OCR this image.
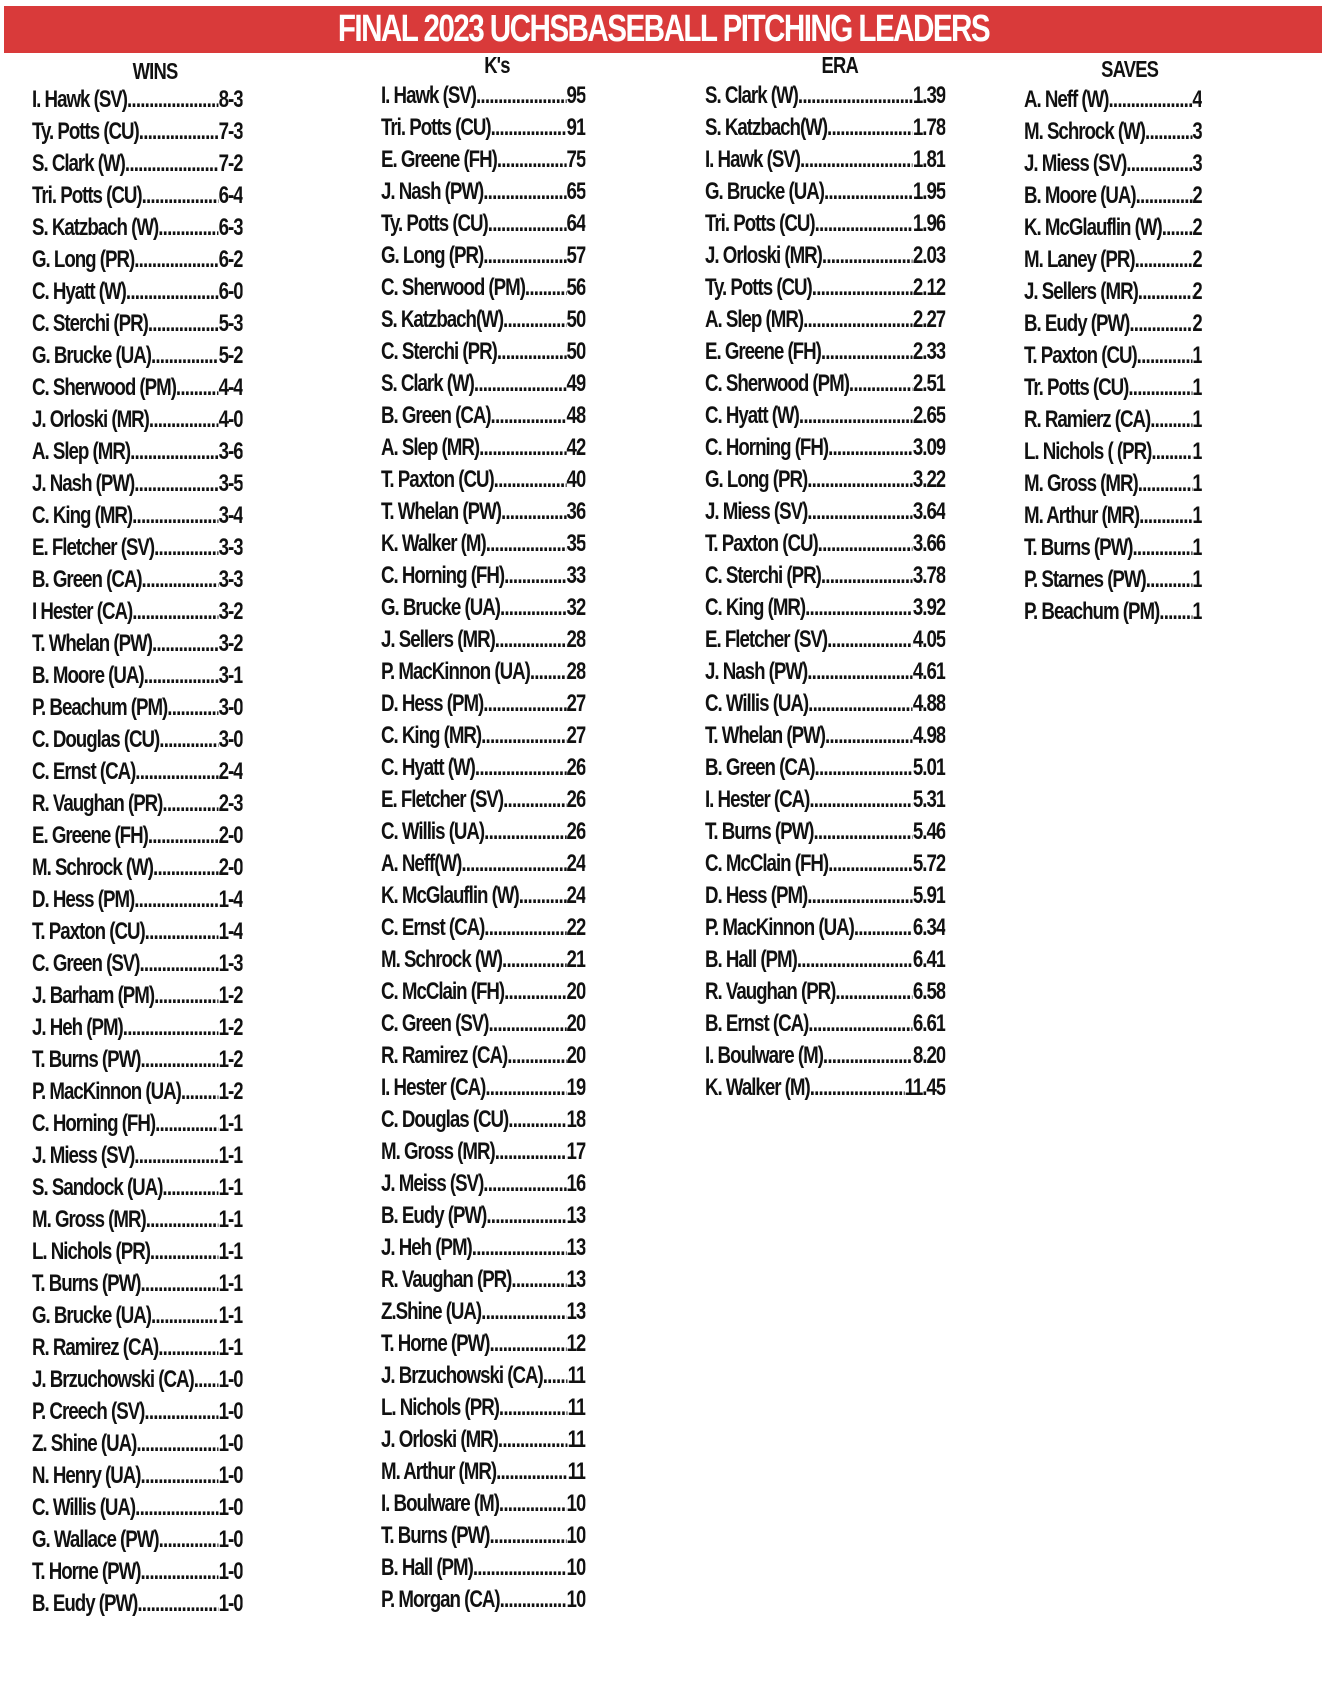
FINAL 2023 UCHSBASEBALL PITCHING LEADERS
WINS
I. Hawk (SV) .....	8-3
Ty. Potts (CU) .....	7-3
S. Clark (W) .....	7-2
Tri. Potts (CU) .....	6-4
S. Katzbach (W) .....	6-3
G. Long (PR) .....	6-2
C. Hyatt (W) .....	6-0
C. Sterchi (PR) .....	5-3
G. Brucke (UA) .....	5-2
C. Sherwood (PM) ..... 4-4
J. Orloski (MR) .....	4-0
A. Slep (MR) .....	3-6
J. Nash (PW) .....	3-5
C. King (MR) .....	3-4
E. Fletcher (SV) .....	3-3
B. Green (CA) .....	3-3
I Hester (CA) .....	3-2
T. Whelan (PW) .....	3-2
B. Moore (UA) .....	3-1
P. Beachum (PM) ..... 3-0
C. Douglas (CU) ..... 3-0
C. Ernst (CA) .....	2-4
R. Vaughan (PR) ..... 2-3
E. Greene (FH) .....	2-0
M. Schrock (W) .....	2-0
D. Hess (PM) .....	1-4
T. Paxton (CU) .....	1-4
C. Green (SV) .....	1-3
J. Barham (PM) .....	1-2
J. Heh (PM) .....	1-2
T. Burns (PW) .....	1-2
P. MacKinnon (UA) ..... 1-2
C. Horning (FH) .....	1-1
J. Miess (SV) .....	1-1
S. Sandock (UA) ..... 1-1
M. Gross (MR) .....	1-1
L. Nichols (PR) .....	1-1
T. Burns (PW) .....	1-1
G. Brucke (UA) .....	1-1
R. Ramirez (CA) .....	1-1
J. Brzuchowski (CA) ..... 1-0
P. Creech (SV) .....	1-0
Z. Shine (UA) .....	1-0
N. Henry (UA) .....	1-0
C. Willis (UA) .....	1-0
G. Wallace (PW) ..... 1-0
T. Horne (PW) .....	1-0
B. Eudy (PW) .....	1-0
K's
I. Hawk (SV) .....	95
Tri. Potts (CU) .....	91
E. Greene (FH) .....	75
J. Nash (PW) .....	65
Ty. Potts (CU) .....	64
G. Long (PR) .....	57
C. Sherwood (PM) ..... 56
S. Katzbach(W) .....	50
C. Sterchi (PR) .....	50
S. Clark (W) .....	49
B. Green (CA) .....	48
A. Slep (MR) .....	42
T. Paxton (CU) .....	40
T. Whelan (PW) .....	36
K. Walker (M) .....	35
C. Horning (FH) .....	33
G. Brucke (UA) .....	32
J. Sellers (MR) .....	28
P. MacKinnon (UA) ..... 28
D. Hess (PM) .....	27
C. King (MR) .....	27
C. Hyatt (W) .....	26
E. Fletcher (SV) .....	26
C. Willis (UA) .....	26
A. Neff(W) .....	24
K. McGlauflin (W) ..... 24
C. Ernst (CA) .....	22
M. Schrock (W) .....	21
C. McClain (FH) .....	20
C. Green (SV) .....	20
R. Ramirez (CA) ..... 20
I. Hester (CA) .....	19
C. Douglas (CU) ..... 18
M. Gross (MR) .....	17
J. Meiss (SV) .....	16
B. Eudy (PW) .....	13
J. Heh (PM) .....	13
R. Vaughan (PR) ..... 13
Z.Shine (UA) .....	13
T. Horne (PW) .....	12
J. Brzuchowski (CA) ..... 11
L. Nichols (PR) .....	11
J. Orloski (MR) .....	11
M. Arthur (MR) .....	11
I. Boulware (M) .....	10
T. Burns (PW) .....	10
B. Hall (PM) .....	10
P. Morgan (CA) .....	10
ERA
S. Clark (W) .....	1.39
S. Katzbach(W) .....	1.78
I. Hawk (SV) .....	1.81
G. Brucke (UA) .....	1.95
Tri. Potts (CU) .....	1.96
J. Orloski (MR) .....	2.03
Ty. Potts (CU) .....	2.12
A. Slep (MR) .....	2.27
E. Greene (FH) .....	2.33
C. Sherwood (PM) .....	2.51
C. Hyatt (W) .....	2.65
C. Horning (FH) .....	3.09
G. Long (PR) .....	3.22
J. Miess (SV) .....	3.64
T. Paxton (CU) .....	3.66
C. Sterchi (PR) .....	3.78
C. King (MR) .....	3.92
E. Fletcher (SV) .....	4.05
J. Nash (PW) .....	4.61
C. Willis (UA) .....	4.88
T. Whelan (PW) .....	4.98
B. Green (CA) .....	5.01
I. Hester (CA) .....	5.31
T. Burns (PW) .....	5.46
C. McClain (FH) .....	5.72
D. Hess (PM) .....	5.91
P. MacKinnon (UA) ..... 6.34
B. Hall (PM) .....	6.41
R. Vaughan (PR) .....	6.58
B. Ernst (CA) .....	6.61
I. Boulware (M) .....	8.20
K. Walker (M) .....	11.45
SAVES
A. Neff (W) .....	4
M. Schrock (W) ..... 3
J. Miess (SV) .....	3
B. Moore (UA) ..... 2
K. McGlauflin (W) ..... 2
M. Laney (PR) ..... 2
J. Sellers (MR) ..... 2
B. Eudy (PW) .....	2
T. Paxton (CU) ..... 1
Tr. Potts (CU) .....	1
R. Ramierz (CA) ..... 1
L. Nichols ( (PR) ..... 1
M. Gross (MR) ..... 1
M. Arthur (MR) ..... 1
T. Burns (PW) ..... 1
P. Starnes (PW) ..... 1
P. Beachum (PM) ..... 1
